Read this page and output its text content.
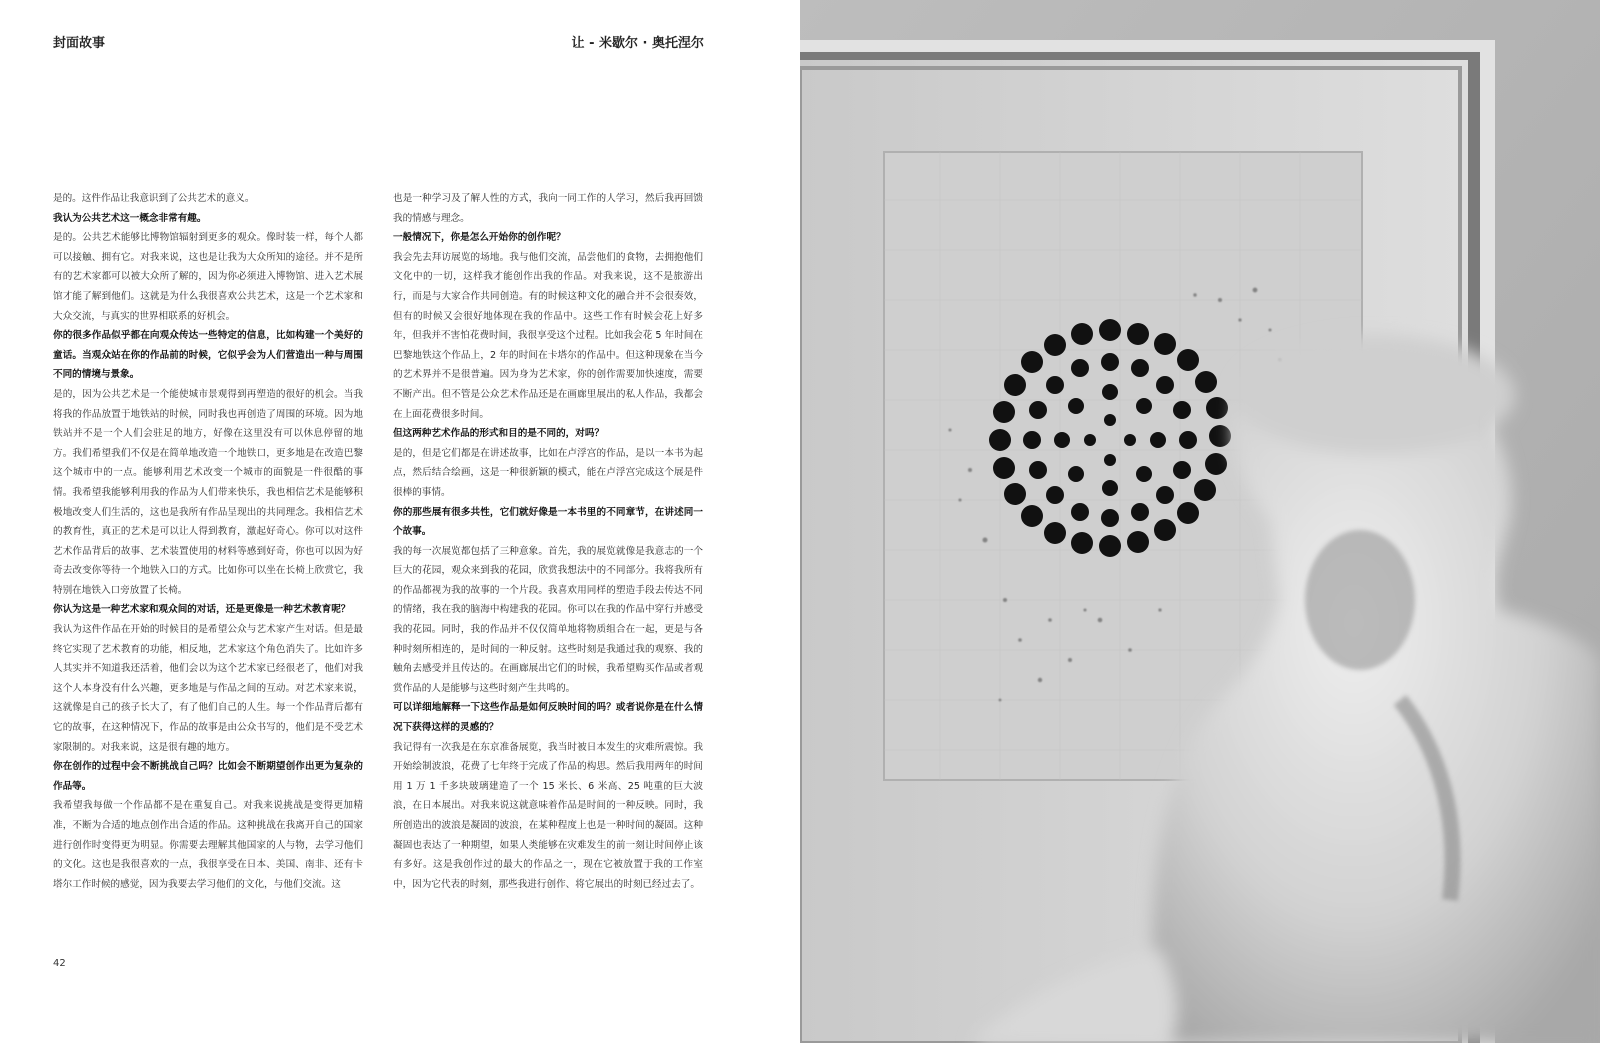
封面故事	让 - 米歇尔 · 奥托涅尔

是的。这件作品让我意识到了公共艺术的意义。

我认为公共艺术这一概念非常有趣。

是的。公共艺术能够比博物馆辐射到更多的观众。像时装一样，每个人都可以接触、拥有它。对我来说，这也是让我为大众所知的途径。并不是所有的艺术家都可以被大众所了解的，因为你必须进入博物馆、进入艺术展馆才能了解到他们。这就是为什么我很喜欢公共艺术，这是一个艺术家和大众交流，与真实的世界相联系的好机会。

你的很多作品似乎都在向观众传达一些特定的信息，比如构建一个美好的童话。当观众站在你的作品前的时候，它似乎会为人们营造出一种与周围不同的情境与景象。

是的，因为公共艺术是一个能使城市景观得到再塑造的很好的机会。当我将我的作品放置于地铁站的时候，同时我也再创造了周围的环境。因为地铁站并不是一个人们会驻足的地方，好像在这里没有可以休息停留的地方。我们希望我们不仅是在简单地改造一个地铁口，更多地是在改造巴黎这个城市中的一点。能够利用艺术改变一个城市的面貌是一件很酷的事情。我希望我能够利用我的作品为人们带来快乐，我也相信艺术是能够积极地改变人们生活的，这也是我所有作品呈现出的共同理念。我相信艺术的教育性，真正的艺术是可以让人得到教育，激起好奇心。你可以对这件艺术作品背后的故事、艺术装置使用的材料等感到好奇，你也可以因为好奇去改变你等待一个地铁入口的方式。比如你可以坐在长椅上欣赏它，我特别在地铁入口旁放置了长椅。

你认为这是一种艺术家和观众间的对话，还是更像是一种艺术教育呢？

我认为这件作品在开始的时候目的是希望公众与艺术家产生对话。但是最终它实现了艺术教育的功能，相反地，艺术家这个角色消失了。比如许多人其实并不知道我还活着，他们会以为这个艺术家已经很老了，他们对我这个人本身没有什么兴趣，更多地是与作品之间的互动。对艺术家来说，这就像是自己的孩子长大了，有了他们自己的人生。每一个作品背后都有它的故事，在这种情况下，作品的故事是由公众书写的，他们是不受艺术家限制的。对我来说，这是很有趣的地方。

你在创作的过程中会不断挑战自己吗？比如会不断期望创作出更为复杂的作品等。

我希望我每做一个作品都不是在重复自己。对我来说挑战是变得更加精准，不断为合适的地点创作出合适的作品。这种挑战在我离开自己的国家进行创作时变得更为明显。你需要去理解其他国家的人与物，去学习他们的文化。这也是我很喜欢的一点，我很享受在日本、美国、南非、还有卡塔尔工作时候的感觉，因为我要去学习他们的文化，与他们交流。这

也是一种学习及了解人性的方式，我向一同工作的人学习，然后我再回馈我的情感与理念。

一般情况下，你是怎么开始你的创作呢？

我会先去拜访展览的场地。我与他们交流，品尝他们的食物，去拥抱他们文化中的一切，这样我才能创作出我的作品。对我来说，这不是旅游出行，而是与大家合作共同创造。有的时候这种文化的融合并不会很奏效，但有的时候又会很好地体现在我的作品中。这些工作有时候会花上好多年，但我并不害怕花费时间，我很享受这个过程。比如我会花 5 年时间在巴黎地铁这个作品上，2 年的时间在卡塔尔的作品中。但这种现象在当今的艺术界并不是很普遍。因为身为艺术家，你的创作需要加快速度，需要不断产出。但不管是公众艺术作品还是在画廊里展出的私人作品，我都会在上面花费很多时间。

但这两种艺术作品的形式和目的是不同的，对吗？

是的，但是它们都是在讲述故事，比如在卢浮宫的作品，是以一本书为起点，然后结合绘画，这是一种很新颖的模式，能在卢浮宫完成这个展是件很棒的事情。

你的那些展有很多共性，它们就好像是一本书里的不同章节，在讲述同一个故事。

我的每一次展览都包括了三种意象。首先，我的展览就像是我意志的一个巨大的花园，观众来到我的花园，欣赏我想法中的不同部分。我将我所有的作品都视为我的故事的一个片段。我喜欢用同样的塑造手段去传达不同的情绪，我在我的脑海中构建我的花园。你可以在我的作品中穿行并感受我的花园。同时，我的作品并不仅仅简单地将物质组合在一起，更是与各种时刻所相连的，是时间的一种反射。这些时刻是我通过我的观察、我的触角去感受并且传达的。在画廊展出它们的时候，我希望购买作品或者观赏作品的人是能够与这些时刻产生共鸣的。

可以详细地解释一下这些作品是如何反映时间的吗？或者说你是在什么情况下获得这样的灵感的？

我记得有一次我是在东京准备展览，我当时被日本发生的灾难所震惊。我开始绘制波浪，花费了七年终于完成了作品的构思。然后我用两年的时间用 1 万 1 千多块玻璃建造了一个 15 米长、6 米高、25 吨重的巨大波浪，在日本展出。对我来说这就意味着作品是时间的一种反映。同时，我所创造出的波浪是凝固的波浪，在某种程度上也是一种时间的凝固。这种凝固也表达了一种期望，如果人类能够在灾难发生的前一刻让时间停止该有多好。这是我创作过的最大的作品之一，现在它被放置于我的工作室中，因为它代表的时刻，那些我进行创作、将它展出的时刻已经过去了。

42
